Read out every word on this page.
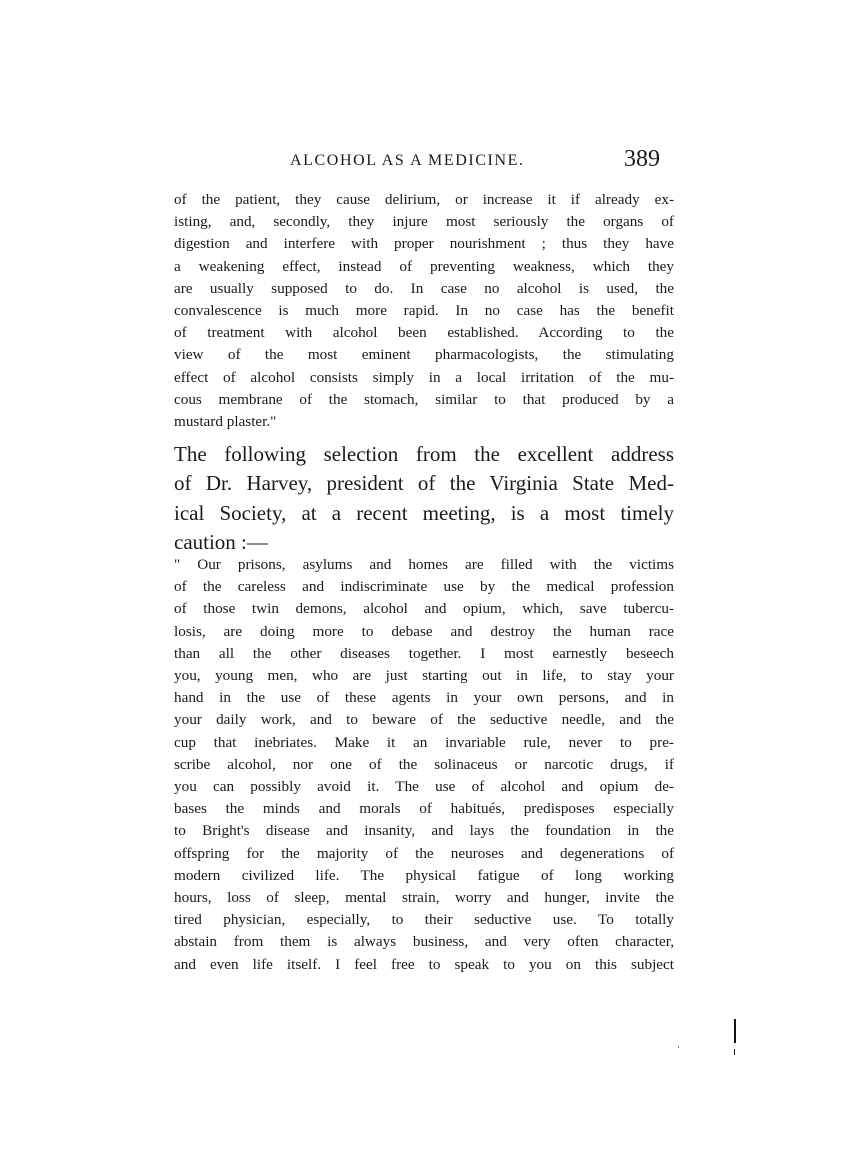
ALCOHOL AS A MEDICINE.	389
of the patient, they cause delirium, or increase it if already ex-
isting, and, secondly, they injure most seriously the organs of
digestion and interfere with proper nourishment ; thus they have
a weakening effect, instead of preventing weakness, which they
are usually supposed to do. In case no alcohol is used, the
convalescence is much more rapid. In no case has the benefit
of treatment with alcohol been established. According to the
view of the most eminent pharmacologists, the stimulating
effect of alcohol consists simply in a local irritation of the mu-
cous membrane of the stomach, similar to that produced by a
mustard plaster."
The following selection from the excellent address
of Dr. Harvey, president of the Virginia State Med-
ical Society, at a recent meeting, is a most timely
caution :—
" Our prisons, asylums and homes are filled with the victims
of the careless and indiscriminate use by the medical profession
of those twin demons, alcohol and opium, which, save tubercu-
losis, are doing more to debase and destroy the human race
than all the other diseases together. I most earnestly beseech
you, young men, who are just starting out in life, to stay your
hand in the use of these agents in your own persons, and in
your daily work, and to beware of the seductive needle, and the
cup that inebriates. Make it an invariable rule, never to pre-
scribe alcohol, nor one of the solinaceus or narcotic drugs, if
you can possibly avoid it. The use of alcohol and opium de-
bases the minds and morals of habitués, predisposes especially
to Bright's disease and insanity, and lays the foundation in the
offspring for the majority of the neuroses and degenerations of
modern civilized life. The physical fatigue of long working
hours, loss of sleep, mental strain, worry and hunger, invite the
tired physician, especially, to their seductive use. To totally
abstain from them is always business, and very often character,
and even life itself. I feel free to speak to you on this subject
